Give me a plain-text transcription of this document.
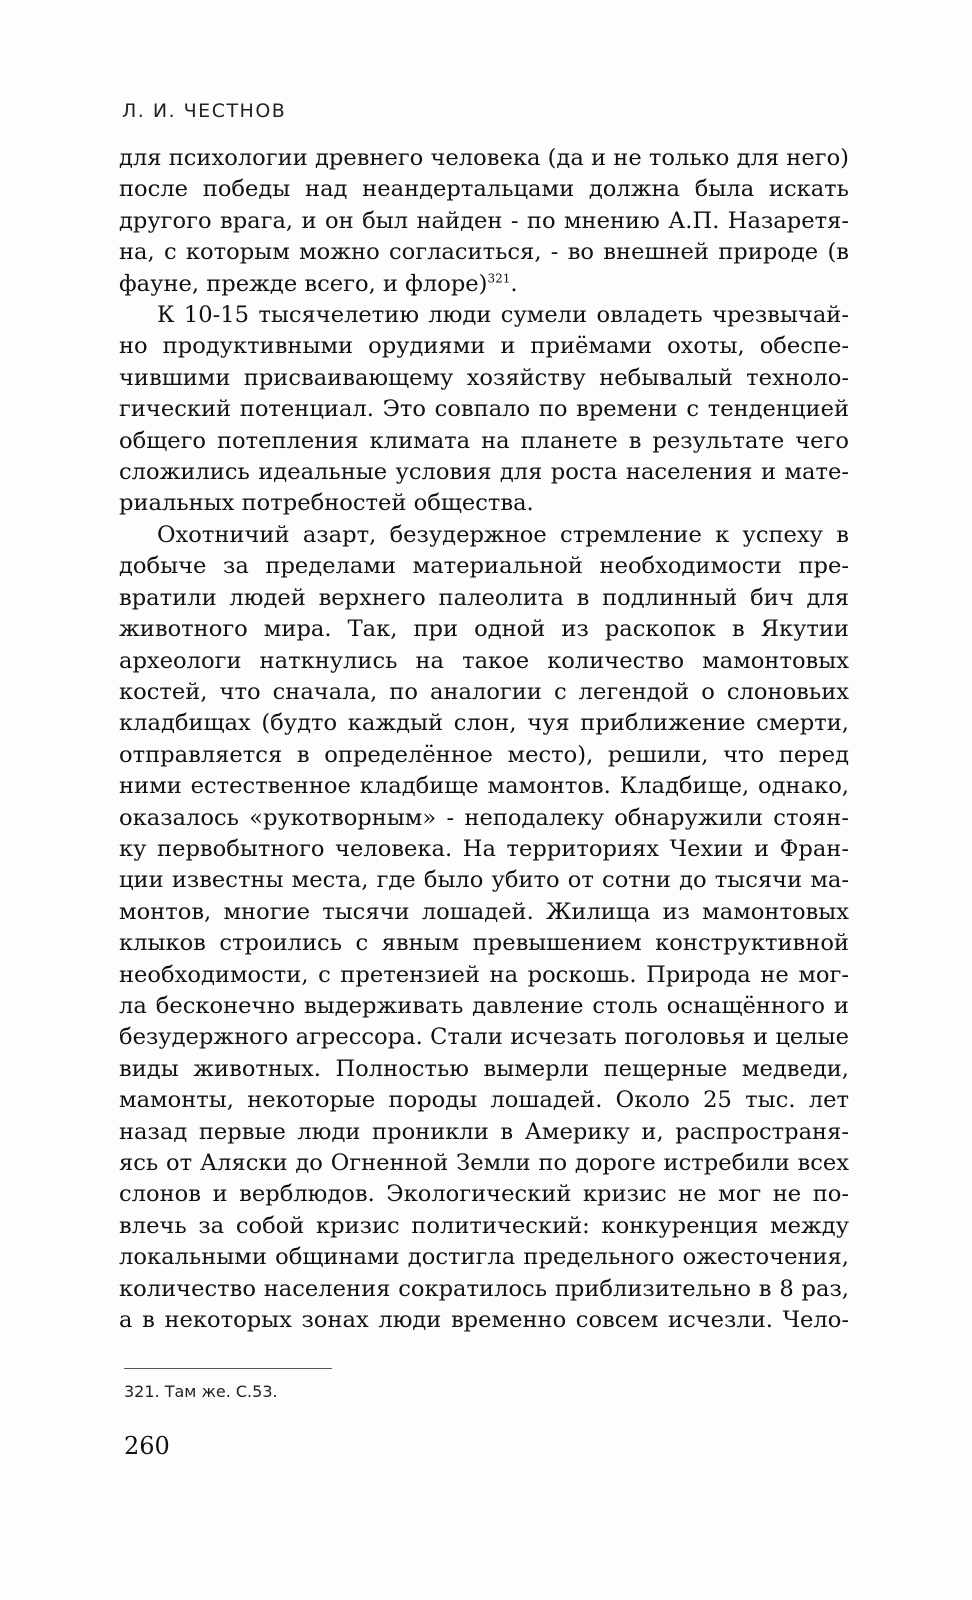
Л. И. ЧЕСТНОВ
для психологии древнего человека (да и не только для него)
после победы над неандертальцами должна была искать
другого врага, и он был найден - по мнению А.П. Назаретя-
на, с которым можно согласиться, - во внешней природе (в
фауне, прежде всего, и флоре)$^{321}$.
К 10-15 тысячелетию люди сумели овладеть чрезвычай-
но продуктивными орудиями и приёмами охоты, обеспе-
чившими присваивающему хозяйству небывалый техноло-
гический потенциал. Это совпало по времени с тенденцией
общего потепления климата на планете в результате чего
сложились идеальные условия для роста населения и мате-
риальных потребностей общества.
Охотничий азарт, безудержное стремление к успеху в
добыче за пределами материальной необходимости пре-
вратили людей верхнего палеолита в подлинный бич для
животного мира. Так, при одной из раскопок в Якутии
археологи наткнулись на такое количество мамонтовых
костей, что сначала, по аналогии с легендой о слоновьих
кладбищах (будто каждый слон, чуя приближение смерти,
отправляется в определённое место), решили, что перед
ними естественное кладбище мамонтов. Кладбище, однако,
оказалось «рукотворным» - неподалеку обнаружили стоян-
ку первобытного человека. На территориях Чехии и Фран-
ции известны места, где было убито от сотни до тысячи ма-
монтов, многие тысячи лошадей. Жилища из мамонтовых
клыков строились с явным превышением конструктивной
необходимости, с претензией на роскошь. Природа не мог-
ла бесконечно выдерживать давление столь оснащённого и
безудержного агрессора. Стали исчезать поголовья и целые
виды животных. Полностью вымерли пещерные медведи,
мамонты, некоторые породы лошадей. Около 25 тыс. лет
назад первые люди проникли в Америку и, распространя-
ясь от Аляски до Огненной Земли по дороге истребили всех
слонов и верблюдов. Экологический кризис не мог не по-
влечь за собой кризис политический: конкуренция между
локальными общинами достигла предельного ожесточения,
количество населения сократилось приблизительно в 8 раз,
а в некоторых зонах люди временно совсем исчезли. Чело-
321. Там же. С.53.
260
